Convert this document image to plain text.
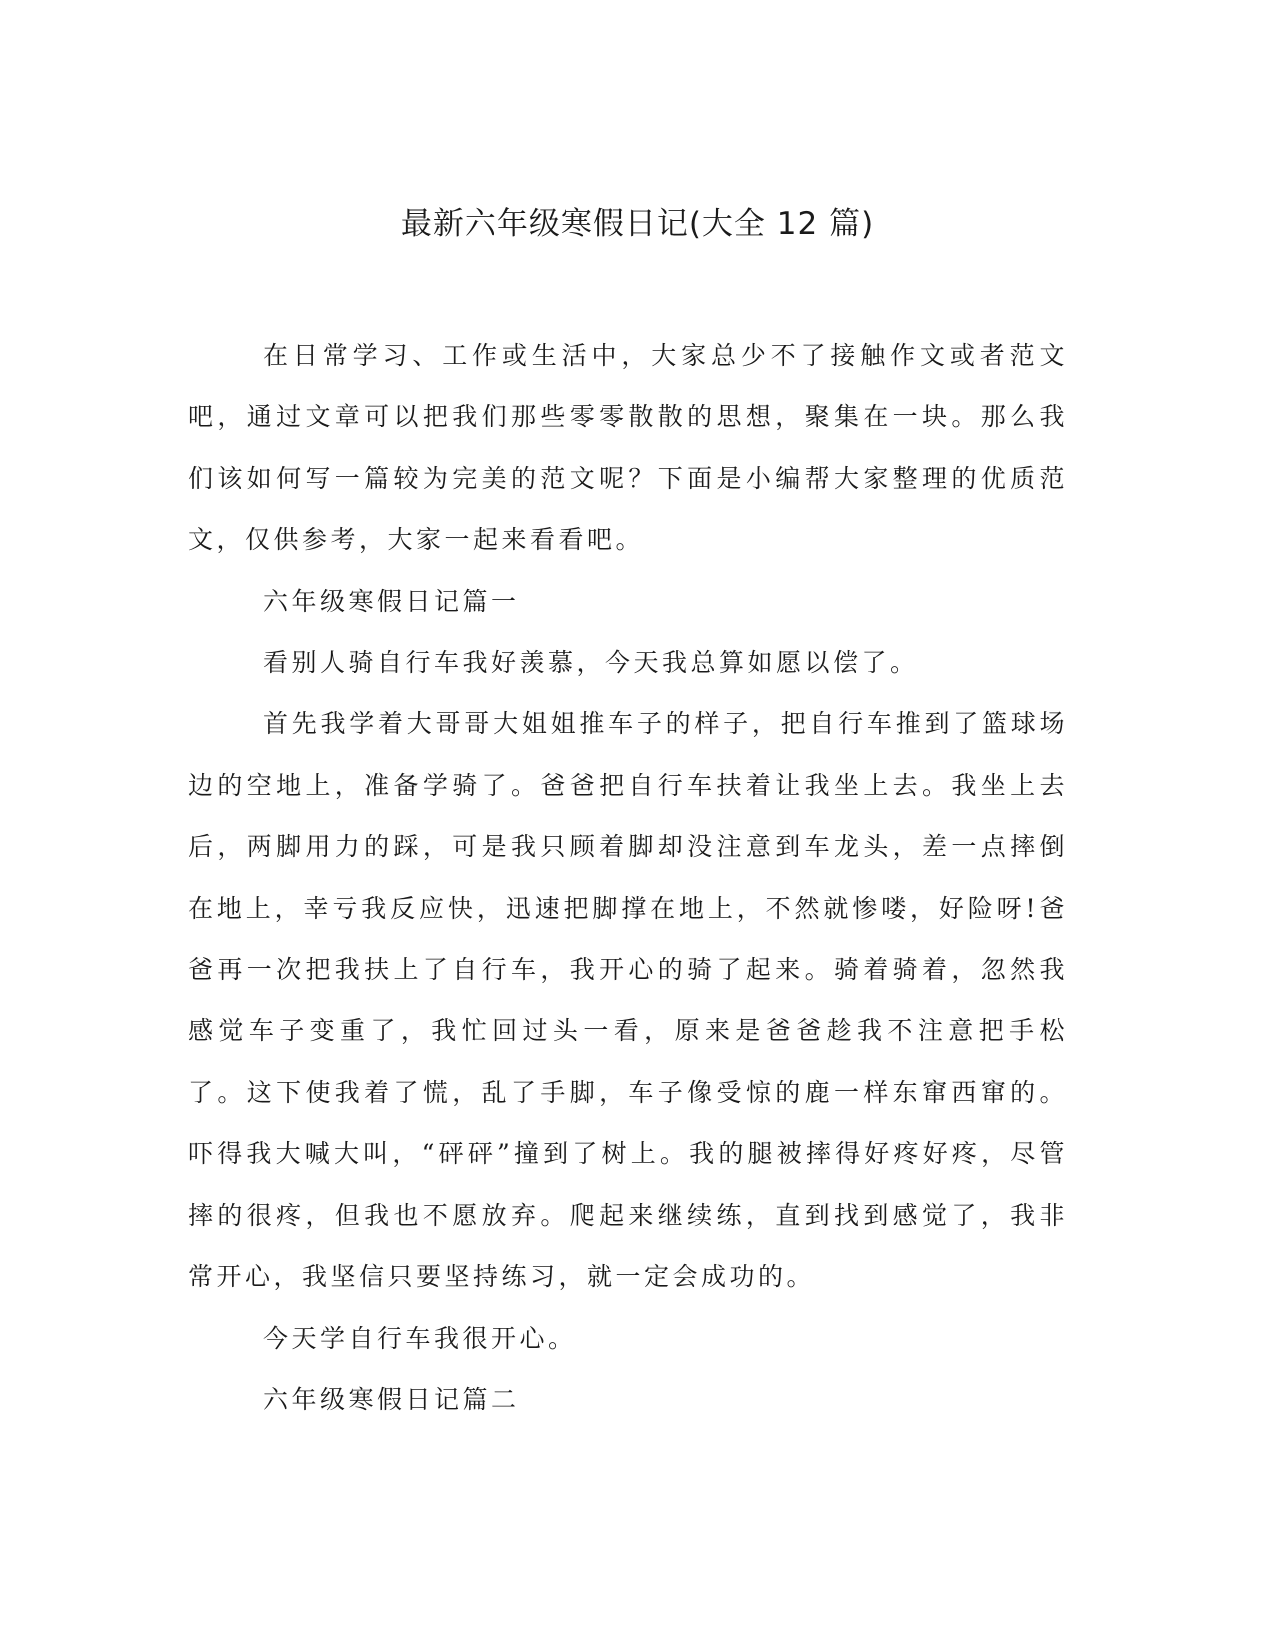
最新六年级寒假日记(大全 12 篇)

在日常学习、工作或生活中，大家总少不了接触作文或者范文吧，通过文章可以把我们那些零零散散的思想，聚集在一块。那么我们该如何写一篇较为完美的范文呢？下面是小编帮大家整理的优质范文，仅供参考，大家一起来看看吧。

六年级寒假日记篇一

看别人骑自行车我好羡慕，今天我总算如愿以偿了。

首先我学着大哥哥大姐姐推车子的样子，把自行车推到了篮球场边的空地上，准备学骑了。爸爸把自行车扶着让我坐上去。我坐上去后，两脚用力的踩，可是我只顾着脚却没注意到车龙头，差一点摔倒在地上，幸亏我反应快，迅速把脚撑在地上，不然就惨喽，好险呀!爸爸再一次把我扶上了自行车，我开心的骑了起来。骑着骑着，忽然我感觉车子变重了，我忙回过头一看，原来是爸爸趁我不注意把手松了。这下使我着了慌，乱了手脚，车子像受惊的鹿一样东窜西窜的。吓得我大喊大叫，“砰砰”撞到了树上。我的腿被摔得好疼好疼，尽管摔的很疼，但我也不愿放弃。爬起来继续练，直到找到感觉了，我非常开心，我坚信只要坚持练习，就一定会成功的。

今天学自行车我很开心。

六年级寒假日记篇二
